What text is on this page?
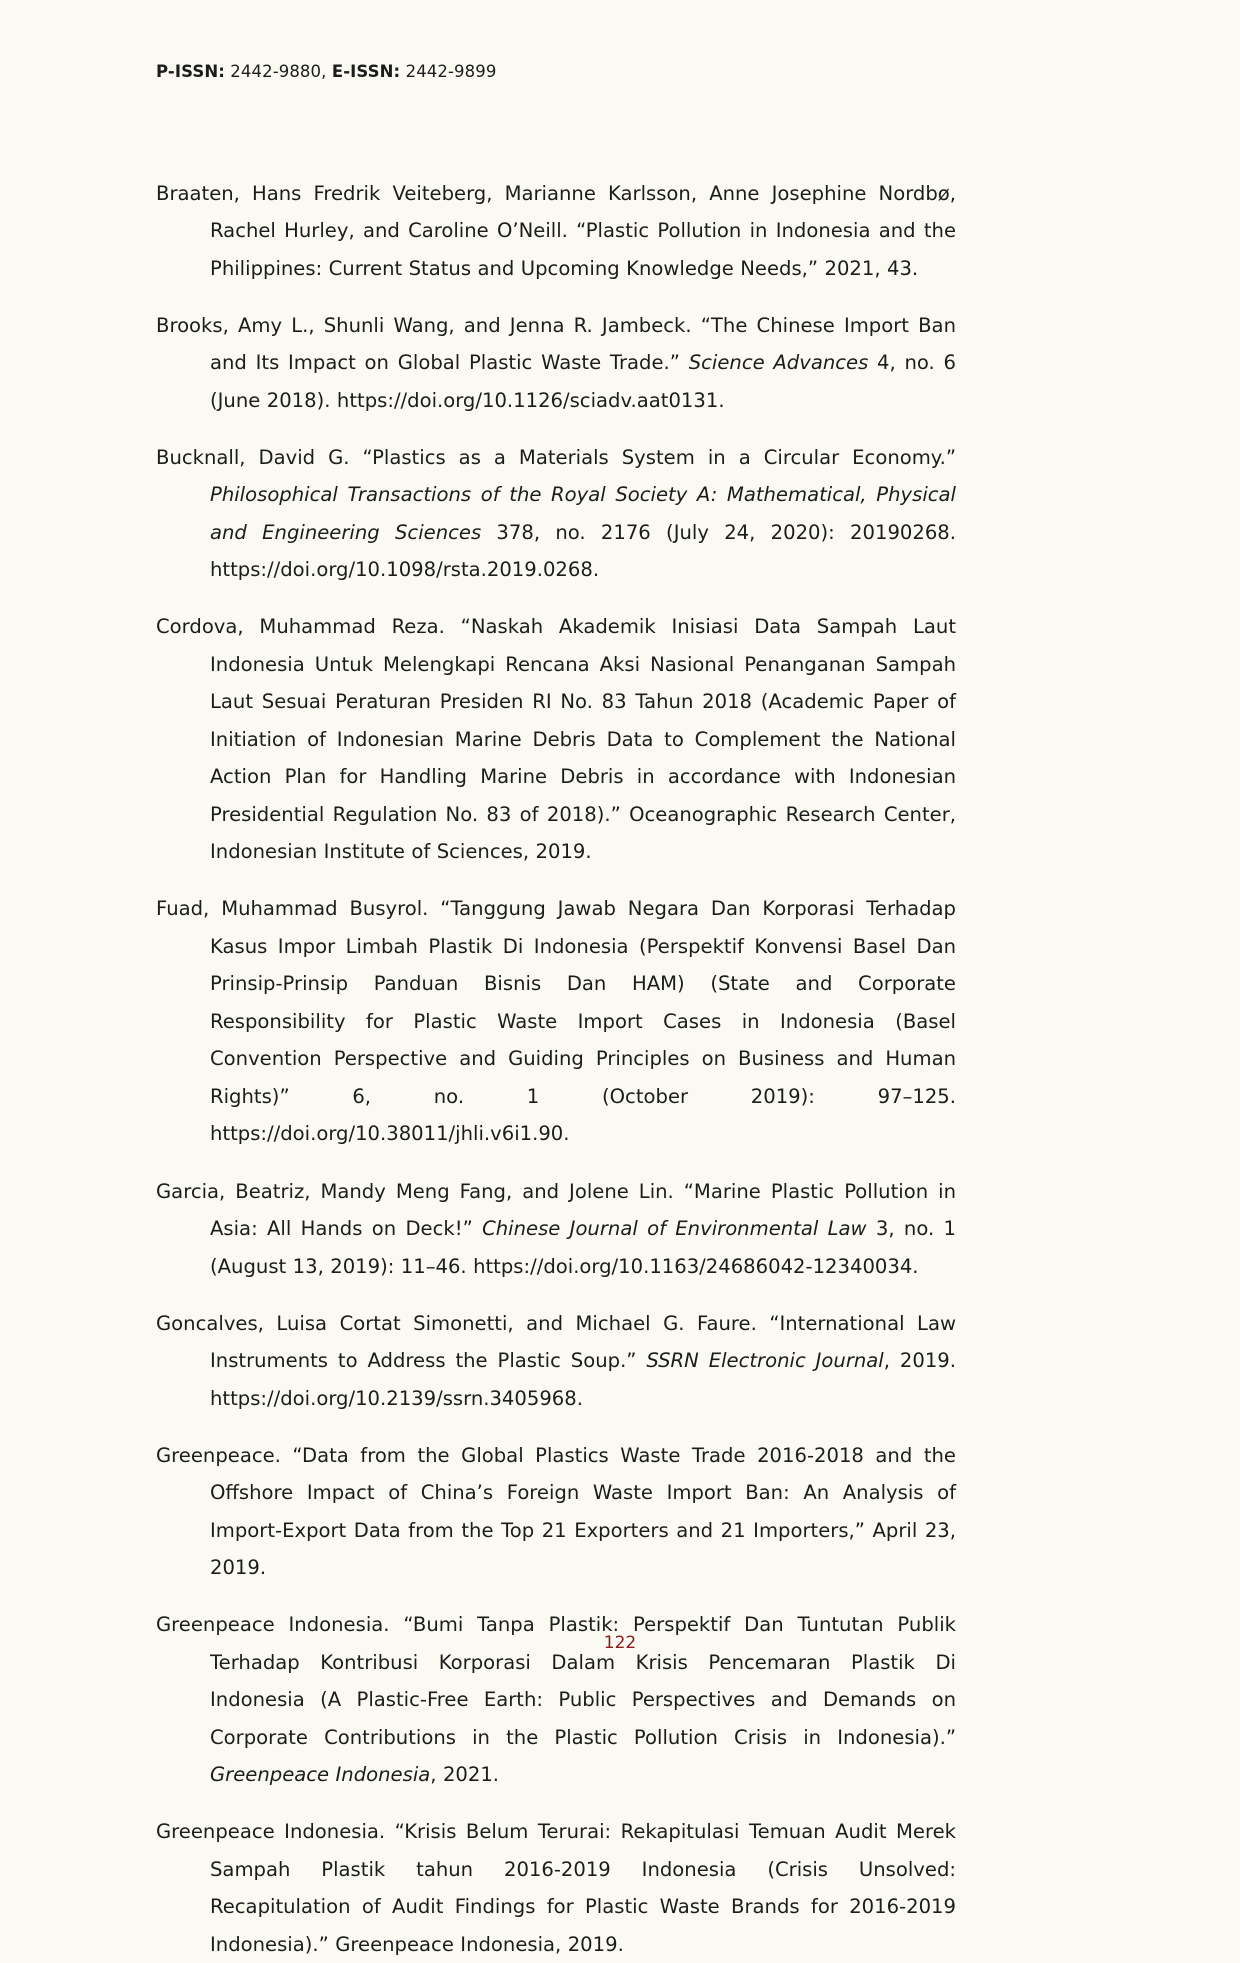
P-ISSN: 2442-9880, E-ISSN: 2442-9899

Braaten, Hans Fredrik Veiteberg, Marianne Karlsson, Anne Josephine Nordbø, Rachel Hurley, and Caroline O’Neill. “Plastic Pollution in Indonesia and the Philippines: Current Status and Upcoming Knowledge Needs,” 2021, 43.

Brooks, Amy L., Shunli Wang, and Jenna R. Jambeck. “The Chinese Import Ban and Its Impact on Global Plastic Waste Trade.” Science Advances 4, no. 6 (June 2018). https://doi.org/10.1126/sciadv.aat0131.

Bucknall, David G. “Plastics as a Materials System in a Circular Economy.” Philosophical Transactions of the Royal Society A: Mathematical, Physical and Engineering Sciences 378, no. 2176 (July 24, 2020): 20190268. https://doi.org/10.1098/rsta.2019.0268.

Cordova, Muhammad Reza. “Naskah Akademik Inisiasi Data Sampah Laut Indonesia Untuk Melengkapi Rencana Aksi Nasional Penanganan Sampah Laut Sesuai Peraturan Presiden RI No. 83 Tahun 2018 (Academic Paper of Initiation of Indonesian Marine Debris Data to Complement the National Action Plan for Handling Marine Debris in accordance with Indonesian Presidential Regulation No. 83 of 2018).” Oceanographic Research Center, Indonesian Institute of Sciences, 2019.

Fuad, Muhammad Busyrol. “Tanggung Jawab Negara Dan Korporasi Terhadap Kasus Impor Limbah Plastik Di Indonesia (Perspektif Konvensi Basel Dan Prinsip-Prinsip Panduan Bisnis Dan HAM) (State and Corporate Responsibility for Plastic Waste Import Cases in Indonesia (Basel Convention Perspective and Guiding Principles on Business and Human Rights)” 6, no. 1 (October 2019): 97–125. https://doi.org/10.38011/jhli.v6i1.90.

Garcia, Beatriz, Mandy Meng Fang, and Jolene Lin. “Marine Plastic Pollution in Asia: All Hands on Deck!” Chinese Journal of Environmental Law 3, no. 1 (August 13, 2019): 11–46. https://doi.org/10.1163/24686042-12340034.

Goncalves, Luisa Cortat Simonetti, and Michael G. Faure. “International Law Instruments to Address the Plastic Soup.” SSRN Electronic Journal, 2019. https://doi.org/10.2139/ssrn.3405968.

Greenpeace. “Data from the Global Plastics Waste Trade 2016-2018 and the Offshore Impact of China’s Foreign Waste Import Ban: An Analysis of Import-Export Data from the Top 21 Exporters and 21 Importers,” April 23, 2019.

Greenpeace Indonesia. “Bumi Tanpa Plastik: Perspektif Dan Tuntutan Publik Terhadap Kontribusi Korporasi Dalam Krisis Pencemaran Plastik Di Indonesia (A Plastic-Free Earth: Public Perspectives and Demands on Corporate Contributions in the Plastic Pollution Crisis in Indonesia).” Greenpeace Indonesia, 2021.

Greenpeace Indonesia. “Krisis Belum Terurai: Rekapitulasi Temuan Audit Merek Sampah Plastik tahun 2016-2019 Indonesia (Crisis Unsolved: Recapitulation of Audit Findings for Plastic Waste Brands for 2016-2019 Indonesia).” Greenpeace Indonesia, 2019.

122
